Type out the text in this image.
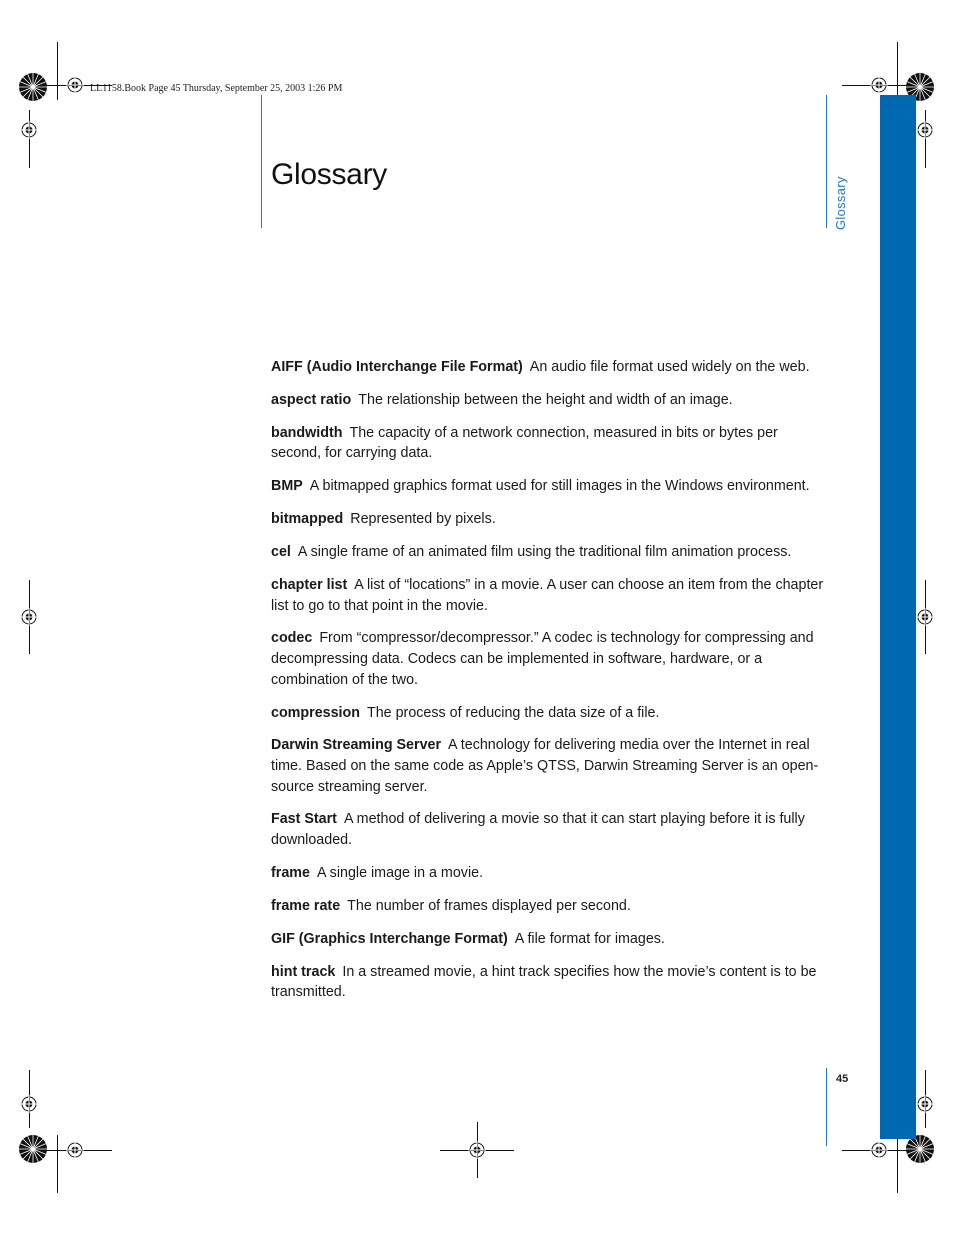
LL1158.Book Page 45 Thursday, September 25, 2003 1:26 PM
Glossary
Glossary
45

AIFF (Audio Interchange File Format) An audio file format used widely on the web.

aspect ratio The relationship between the height and width of an image.

bandwidth The capacity of a network connection, measured in bits or bytes per second, for carrying data.

BMP A bitmapped graphics format used for still images in the Windows environment.

bitmapped Represented by pixels.

cel A single frame of an animated film using the traditional film animation process.

chapter list A list of “locations” in a movie. A user can choose an item from the chapter list to go to that point in the movie.

codec From “compressor/decompressor.” A codec is technology for compressing and decompressing data. Codecs can be implemented in software, hardware, or a combination of the two.

compression The process of reducing the data size of a file.

Darwin Streaming Server A technology for delivering media over the Internet in real time. Based on the same code as Apple’s QTSS, Darwin Streaming Server is an open-source streaming server.

Fast Start A method of delivering a movie so that it can start playing before it is fully downloaded.

frame A single image in a movie.

frame rate The number of frames displayed per second.

GIF (Graphics Interchange Format) A file format for images.

hint track In a streamed movie, a hint track specifies how the movie’s content is to be transmitted.
